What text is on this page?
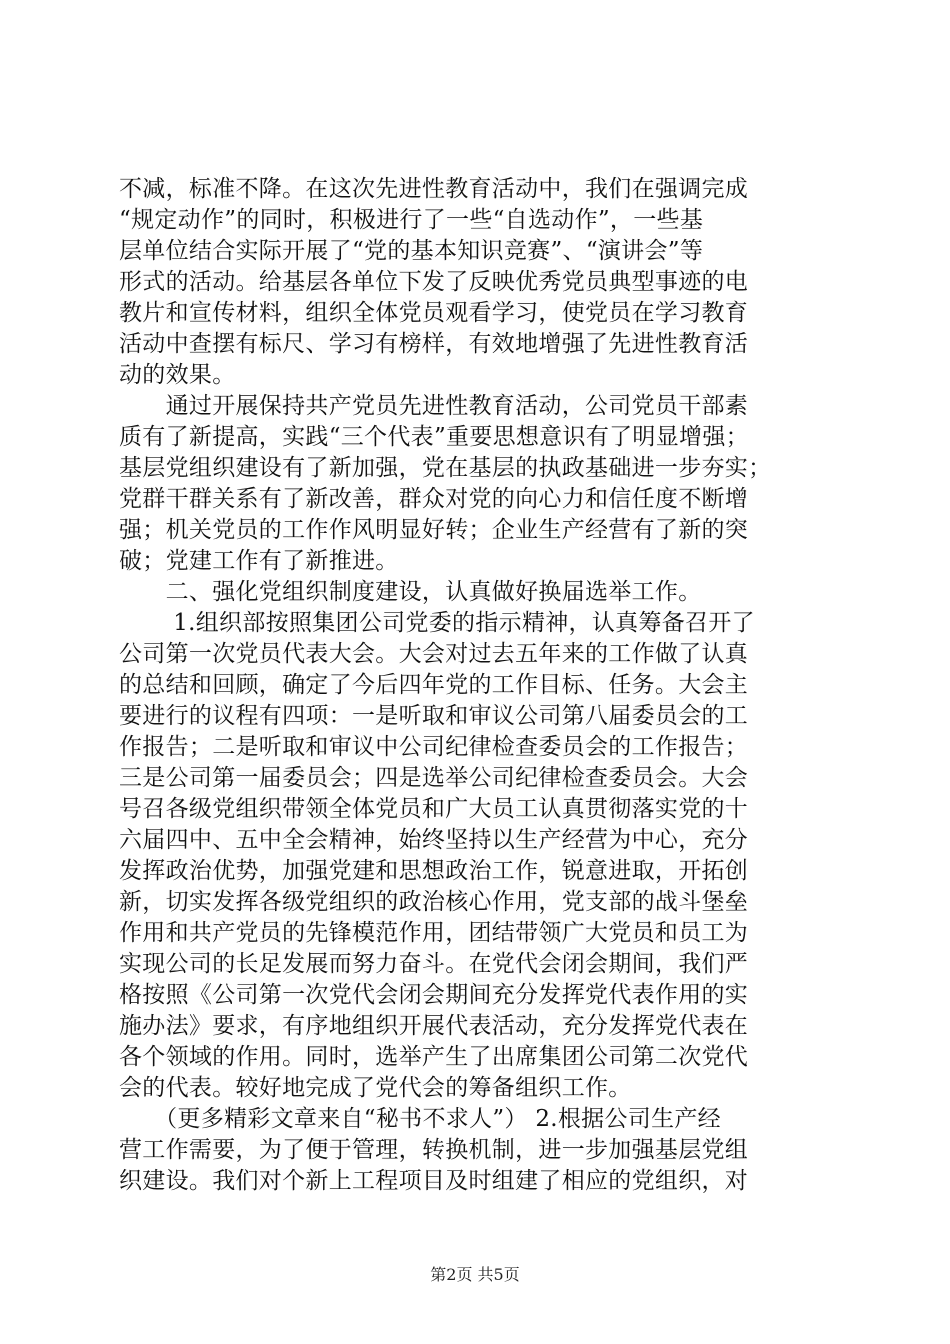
不减，标准不降。在这次先进性教育活动中，我们在强调完成
“规定动作”的同时，积极进行了一些“自选动作”，一些基
层单位结合实际开展了“党的基本知识竞赛”、“演讲会”等
形式的活动。给基层各单位下发了反映优秀党员典型事迹的电
教片和宣传材料，组织全体党员观看学习，使党员在学习教育
活动中查摆有标尺、学习有榜样，有效地增强了先进性教育活
动的效果。
　　通过开展保持共产党员先进性教育活动，公司党员干部素
质有了新提高，实践“三个代表”重要思想意识有了明显增强；
基层党组织建设有了新加强，党在基层的执政基础进一步夯实；
党群干群关系有了新改善，群众对党的向心力和信任度不断增
强；机关党员的工作作风明显好转；企业生产经营有了新的突
破；党建工作有了新推进。
　　二、强化党组织制度建设，认真做好换届选举工作。
　　 1.组织部按照集团公司党委的指示精神，认真筹备召开了
公司第一次党员代表大会。大会对过去五年来的工作做了认真
的总结和回顾，确定了今后四年党的工作目标、任务。大会主
要进行的议程有四项：一是听取和审议公司第八届委员会的工
作报告；二是听取和审议中公司纪律检查委员会的工作报告；
三是公司第一届委员会；四是选举公司纪律检查委员会。大会
号召各级党组织带领全体党员和广大员工认真贯彻落实党的十
六届四中、五中全会精神，始终坚持以生产经营为中心，充分
发挥政治优势，加强党建和思想政治工作，锐意进取，开拓创
新，切实发挥各级党组织的政治核心作用，党支部的战斗堡垒
作用和共产党员的先锋模范作用，团结带领广大党员和员工为
实现公司的长足发展而努力奋斗。在党代会闭会期间，我们严
格按照《公司第一次党代会闭会期间充分发挥党代表作用的实
施办法》要求，有序地组织开展代表活动，充分发挥党代表在
各个领域的作用。同时，选举产生了出席集团公司第二次党代
会的代表。较好地完成了党代会的筹备组织工作。
　　（更多精彩文章来自“秘书不求人”） 2.根据公司生产经
营工作需要，为了便于管理，转换机制，进一步加强基层党组
织建设。我们对个新上工程项目及时组建了相应的党组织，对
第2页 共5页
